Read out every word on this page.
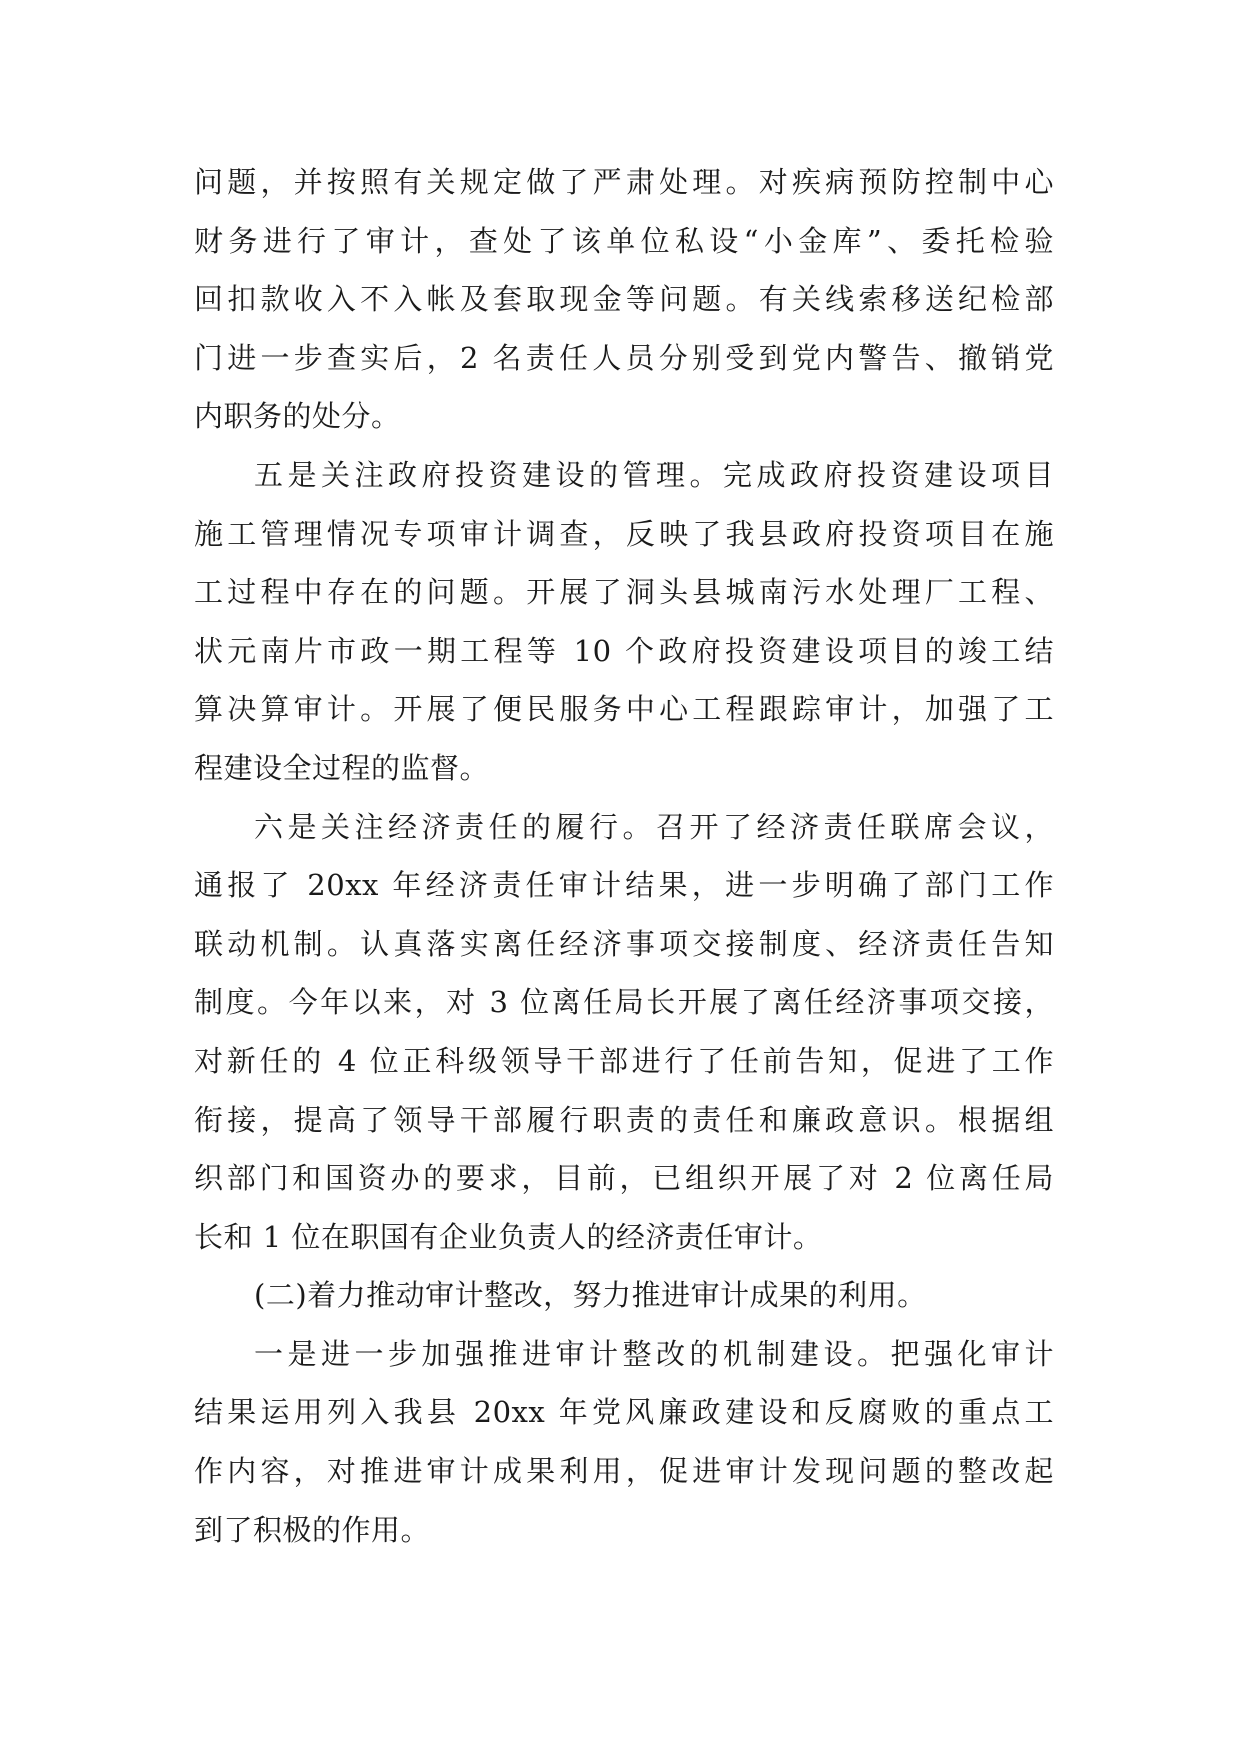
问题，并按照有关规定做了严肃处理。对疾病预防控制中心
财务进行了审计，查处了该单位私设“小金库”、委托检验
回扣款收入不入帐及套取现金等问题。有关线索移送纪检部
门进一步查实后，2 名责任人员分别受到党内警告、撤销党
内职务的处分。
五是关注政府投资建设的管理。完成政府投资建设项目
施工管理情况专项审计调查，反映了我县政府投资项目在施
工过程中存在的问题。开展了洞头县城南污水处理厂工程、
状元南片市政一期工程等 10 个政府投资建设项目的竣工结
算决算审计。开展了便民服务中心工程跟踪审计，加强了工
程建设全过程的监督。
六是关注经济责任的履行。召开了经济责任联席会议，
通报了 20xx 年经济责任审计结果，进一步明确了部门工作
联动机制。认真落实离任经济事项交接制度、经济责任告知
制度。今年以来，对 3 位离任局长开展了离任经济事项交接，
对新任的 4 位正科级领导干部进行了任前告知，促进了工作
衔接，提高了领导干部履行职责的责任和廉政意识。根据组
织部门和国资办的要求，目前，已组织开展了对 2 位离任局
长和 1 位在职国有企业负责人的经济责任审计。
(二)着力推动审计整改，努力推进审计成果的利用。
一是进一步加强推进审计整改的机制建设。把强化审计
结果运用列入我县 20xx 年党风廉政建设和反腐败的重点工
作内容，对推进审计成果利用，促进审计发现问题的整改起
到了积极的作用。
